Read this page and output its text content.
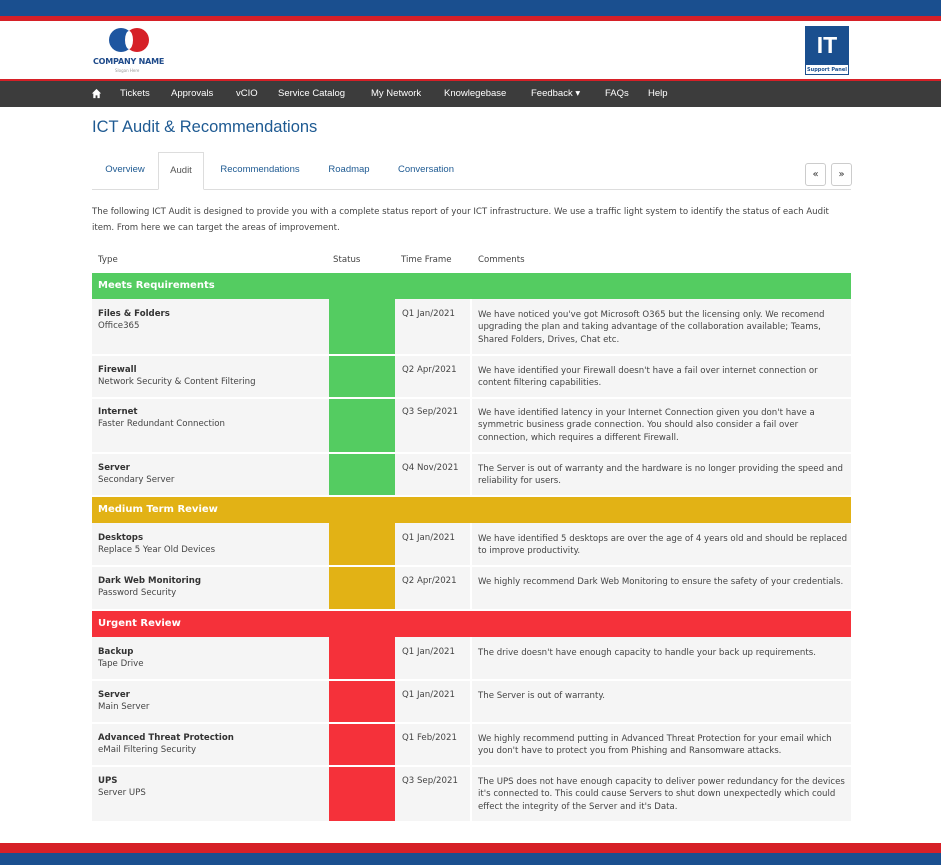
COMPANY NAME
Slogan Here
IT
Support Panel
Tickets Approvals vCIO Service Catalog	My Network Knowlegebase	Feedback ▾	FAQs Help
ICT Audit & Recommendations
Overview	Audit	Recommendations	Roadmap	Conversation	«	»
The following ICT Audit is designed to provide you with a complete status report of your ICT infrastructure. We use a traffic light system to identify the status of each Audit item. From here we can target the areas of improvement.
Type	Status	Time Frame	Comments
Meets Requirements
Files & Folders
Office365
Q1 Jan/2021	We have noticed you've got Microsoft O365 but the licensing only. We recomend upgrading the plan and taking advantage of the collaboration available; Teams, Shared Folders, Drives, Chat etc.
Firewall
Network Security & Content Filtering
Q2 Apr/2021 We have identified your Firewall doesn't have a fail over internet connection or content filtering capabilities.
Internet
Faster Redundant Connection
Q3 Sep/2021 We have identified latency in your Internet Connection given you don't have a symmetric business grade connection. You should also consider a fail over connection, which requires a different Firewall.
Server
Secondary Server
Q4 Nov/2021 The Server is out of warranty and the hardware is no longer providing the speed and reliability for users.
Medium Term Review
Desktops
Replace 5 Year Old Devices
Q1 Jan/2021	We have identified 5 desktops are over the age of 4 years old and should be replaced to improve productivity.
Dark Web Monitoring
Password Security
Q2 Apr/2021 We highly recommend Dark Web Monitoring to ensure the safety of your credentials.
Urgent Review
Backup
Tape Drive
Q1 Jan/2021	The drive doesn't have enough capacity to handle your back up requirements.
Server
Main Server
Q1 Jan/2021	The Server is out of warranty.
Advanced Threat Protection
eMail Filtering Security
Q1 Feb/2021 We highly recommend putting in Advanced Threat Protection for your email which you don't have to protect you from Phishing and Ransomware attacks.
UPS
Server UPS
Q3 Sep/2021 The UPS does not have enough capacity to deliver power redundancy for the devices it's connected to. This could cause Servers to shut down unexpectedly which could effect the integrity of the Server and it's Data.
